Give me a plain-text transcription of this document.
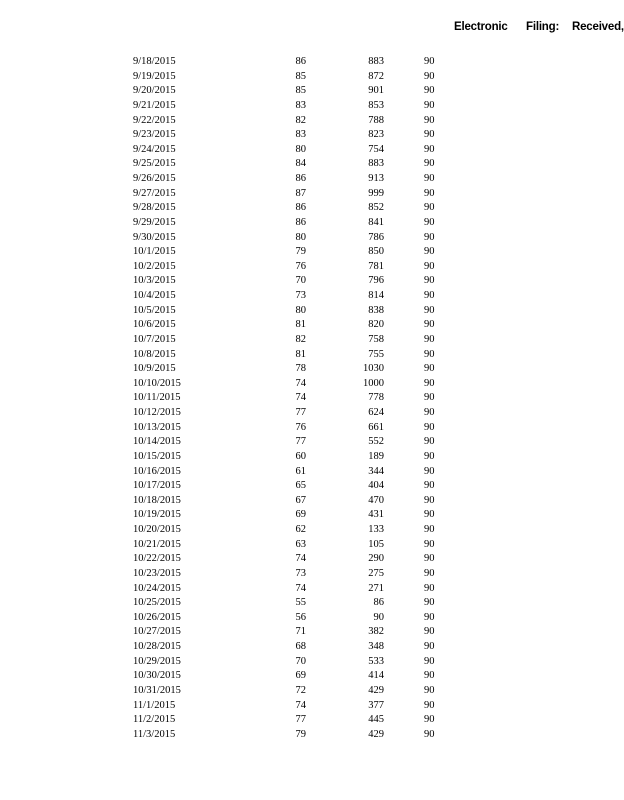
Electronic Filing: Received,
9/18/2015	86	883	90
9/19/2015	85	872	90
9/20/2015	85	901	90
9/21/2015	83	853	90
9/22/2015	82	788	90
9/23/2015	83	823	90
9/24/2015	80	754	90
9/25/2015	84	883	90
9/26/2015	86	913	90
9/27/2015	87	999	90
9/28/2015	86	852	90
9/29/2015	86	841	90
9/30/2015	80	786	90
10/1/2015	79	850	90
10/2/2015	76	781	90
10/3/2015	70	796	90
10/4/2015	73	814	90
10/5/2015	80	838	90
10/6/2015	81	820	90
10/7/2015	82	758	90
10/8/2015	81	755	90
10/9/2015	78	1030	90
10/10/2015	74	1000	90
10/11/2015	74	778	90
10/12/2015	77	624	90
10/13/2015	76	661	90
10/14/2015	77	552	90
10/15/2015	60	189	90
10/16/2015	61	344	90
10/17/2015	65	404	90
10/18/2015	67	470	90
10/19/2015	69	431	90
10/20/2015	62	133	90
10/21/2015	63	105	90
10/22/2015	74	290	90
10/23/2015	73	275	90
10/24/2015	74	271	90
10/25/2015	55	86	90
10/26/2015	56	90	90
10/27/2015	71	382	90
10/28/2015	68	348	90
10/29/2015	70	533	90
10/30/2015	69	414	90
10/31/2015	72	429	90
11/1/2015	74	377	90
11/2/2015	77	445	90
11/3/2015	79	429	90
